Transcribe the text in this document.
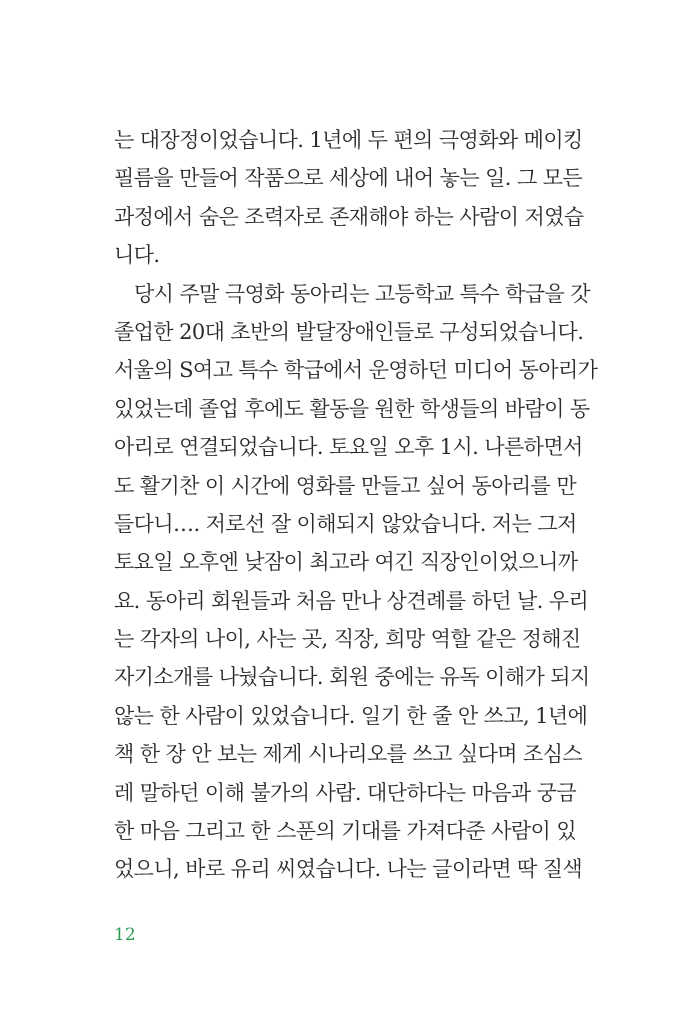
는 대장정이었습니다. 1년에 두 편의 극영화와 메이킹
필름을 만들어 작품으로 세상에 내어 놓는 일. 그 모든
과정에서 숨은 조력자로 존재해야 하는 사람이 저였습
니다.
당시 주말 극영화 동아리는 고등학교 특수 학급을 갓
졸업한 20대 초반의 발달장애인들로 구성되었습니다.
서울의 S여고 특수 학급에서 운영하던 미디어 동아리가
있었는데 졸업 후에도 활동을 원한 학생들의 바람이 동
아리로 연결되었습니다. 토요일 오후 1시. 나른하면서
도 활기찬 이 시간에 영화를 만들고 싶어 동아리를 만
들다니…. 저로선 잘 이해되지 않았습니다. 저는 그저
토요일 오후엔 낮잠이 최고라 여긴 직장인이었으니까
요. 동아리 회원들과 처음 만나 상견례를 하던 날. 우리
는 각자의 나이, 사는 곳, 직장, 희망 역할 같은 정해진
자기소개를 나눴습니다. 회원 중에는 유독 이해가 되지
않는 한 사람이 있었습니다. 일기 한 줄 안 쓰고, 1년에
책 한 장 안 보는 제게 시나리오를 쓰고 싶다며 조심스
레 말하던 이해 불가의 사람. 대단하다는 마음과 궁금
한 마음 그리고 한 스푼의 기대를 가져다준 사람이 있
었으니, 바로 유리 씨였습니다. 나는 글이라면 딱 질색
12
